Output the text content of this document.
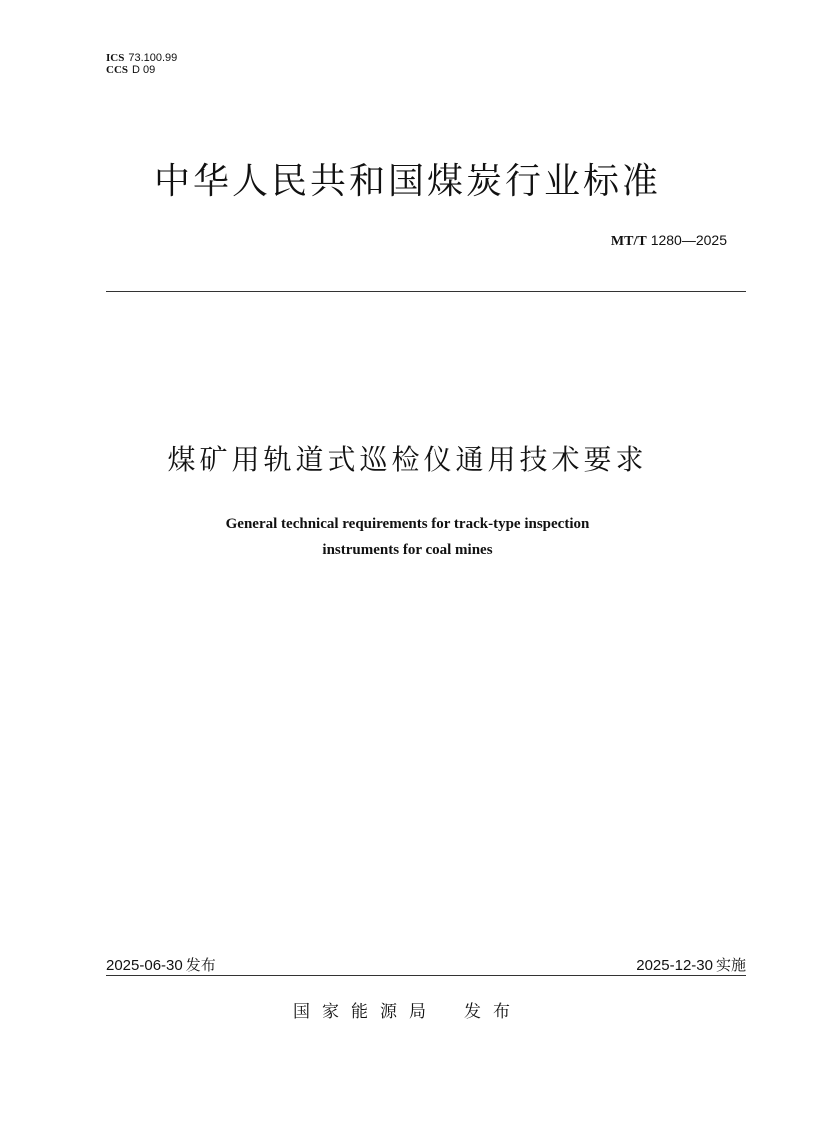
ICS 73.100.99
CCS D 09
中华人民共和国煤炭行业标准
MT/T 1280—2025
煤矿用轨道式巡检仪通用技术要求
General technical requirements for track-type inspection
instruments for coal mines
2025-06-30 发布	2025-12-30 实施
国家能源局 发布
